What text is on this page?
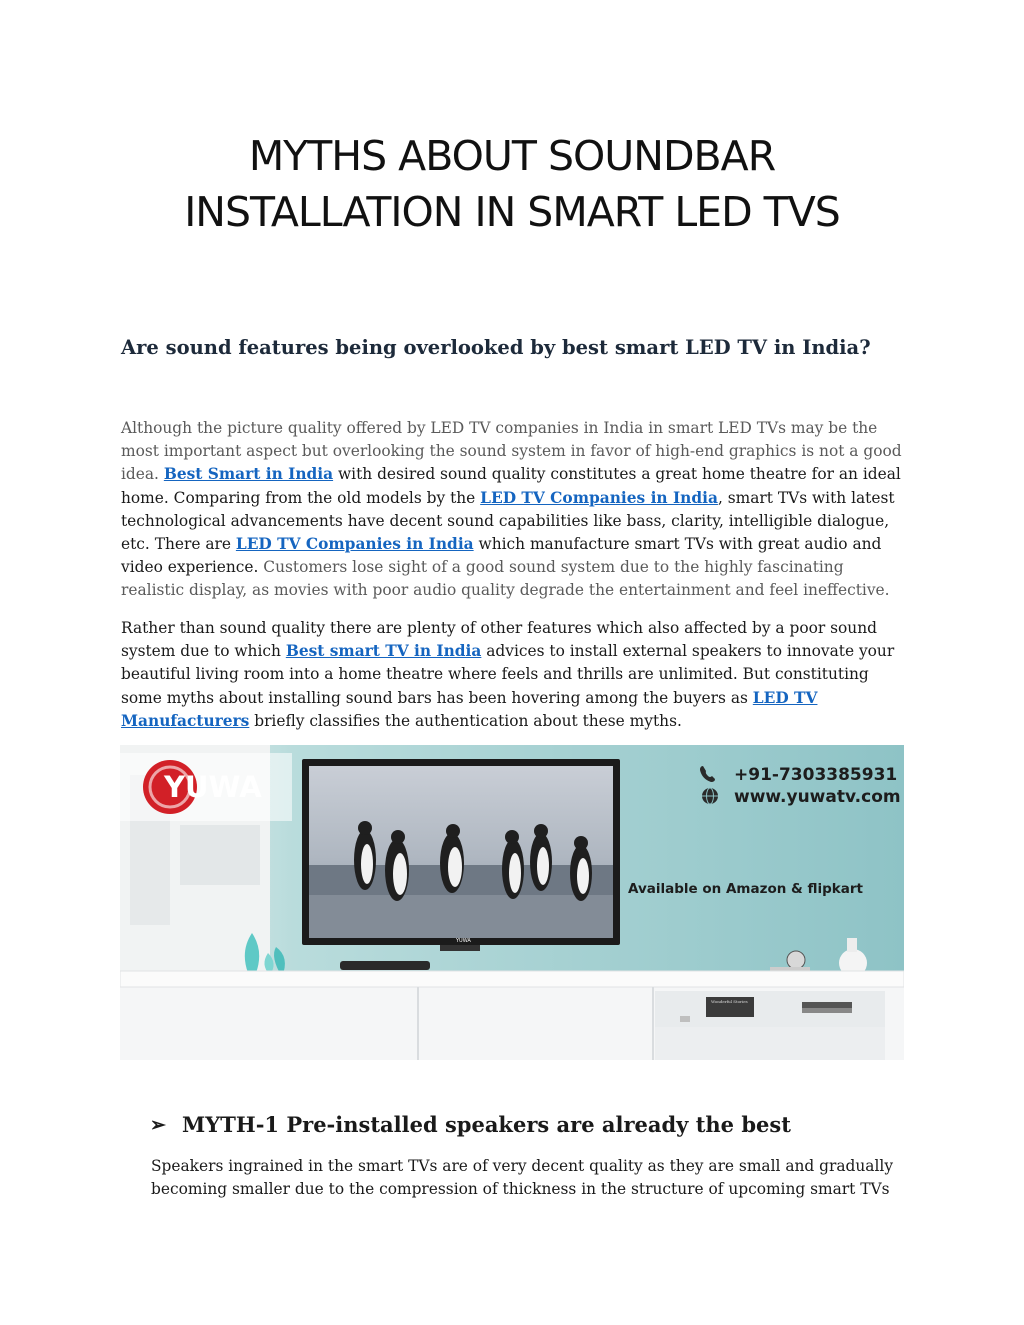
MYTHS ABOUT SOUNDBAR
INSTALLATION IN SMART LED TVS
Are sound features being overlooked by best smart LED TV in India?

Although the picture quality offered by LED TV companies in India in smart LED TVs may be the most important aspect but overlooking the sound system in favor of high-end graphics is not a good idea. Best Smart in India with desired sound quality constitutes a great home theatre for an ideal home. Comparing from the old models by the LED TV Companies in India, smart TVs with latest technological advancements have decent sound capabilities like bass, clarity, intelligible dialogue, etc. There are LED TV Companies in India which manufacture smart TVs with great audio and video experience. Customers lose sight of a good sound system due to the highly fascinating realistic display, as movies with poor audio quality degrade the entertainment and feel ineffective.

Rather than sound quality there are plenty of other features which also affected by a poor sound system due to which Best smart TV in India advices to install external speakers to innovate your beautiful living room into a home theatre where feels and thrills are unlimited. But constituting some myths about installing sound bars has been hovering among the buyers as LED TV Manufacturers briefly classifies the authentication about these myths.

YUWA
YUWA
+91-7303385931
www.yuwatv.com
Available on Amazon & flipkart
Wonderful Stories
➢ MYTH-1 Pre-installed speakers are already the best

Speakers ingrained in the smart TVs are of very decent quality as they are small and gradually becoming smaller due to the compression of thickness in the structure of upcoming smart TVs
